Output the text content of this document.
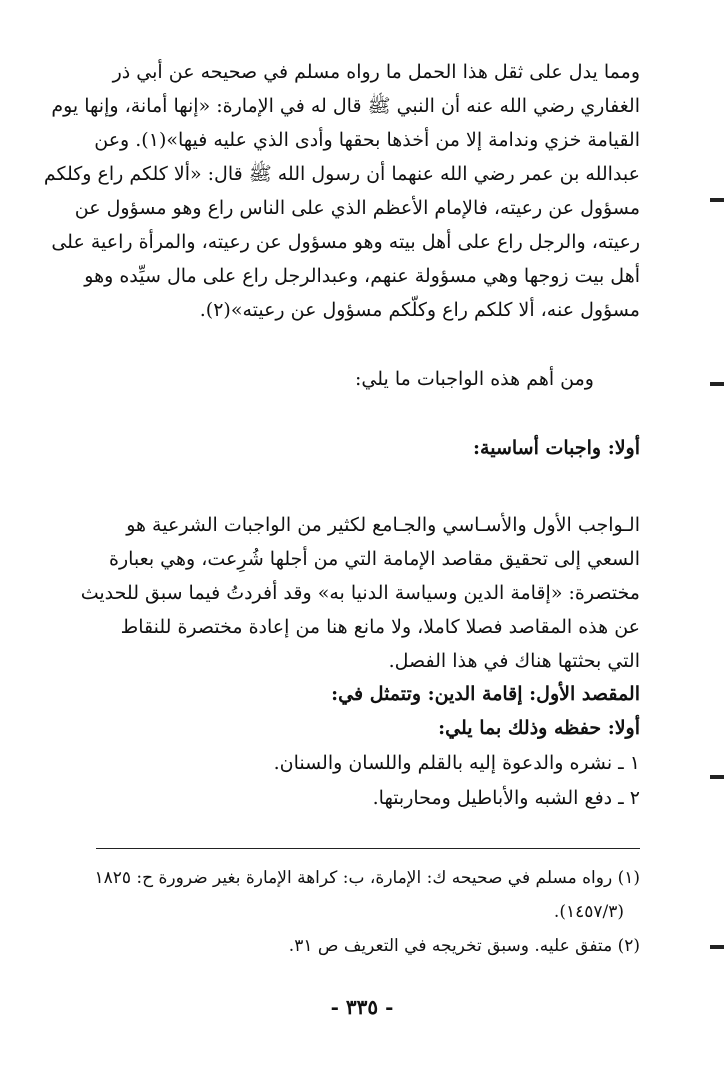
ومما يدل على ثقل هذا الحمل ما رواه مسلم في صحيحه عن أبي ذر
الغفاري رضي الله عنه أن النبي ﷺ قال له في الإمارة: «إنها أمانة، وإنها يوم
القيامة خزي وندامة إلا من أخذها بحقها وأدى الذي عليه فيها»(١). وعن
عبدالله بن عمر رضي الله عنهما أن رسول الله ﷺ قال: «ألا كلكم راع وكلكم
مسؤول عن رعيته، فالإمام الأعظم الذي على الناس راع وهو مسؤول عن
رعيته، والرجل راع على أهل بيته وهو مسؤول عن رعيته، والمرأة راعية على
أهل بيت زوجها وهي مسؤولة عنهم، وعبدالرجل راع على مال سيِّده وهو
مسؤول عنه، ألا كلكم راع وكلّكم مسؤول عن رعيته»(٢).

ومن أهم هذه الواجبات ما يلي:

أولا: واجبات أساسية:

الـواجب الأول والأسـاسي والجـامع لكثير من الواجبات الشرعية هو
السعي إلى تحقيق مقاصد الإمامة التي من أجلها شُرِعت، وهي بعبارة
مختصرة: «إقامة الدين وسياسة الدنيا به» وقد أفردتُ فيما سبق للحديث
عن هذه المقاصد فصلا كاملا، ولا مانع هنا من إعادة مختصرة للنقاط
التي بحثتها هناك في هذا الفصل.

المقصد الأول: إقامة الدين: وتتمثل في:

أولا: حفظه وذلك بما يلي:

١ ـ نشره والدعوة إليه بالقلم واللسان والسنان.

٢ ـ دفع الشبه والأباطيل ومحاربتها.

(١) رواه مسلم في صحيحه ك: الإمارة، ب: كراهة الإمارة بغير ضرورة ح: ١٨٢٥

(١٤٥٧/٣).

(٢) متفق عليه. وسبق تخريجه في التعريف ص ٣١.

- ٣٣٥ -
